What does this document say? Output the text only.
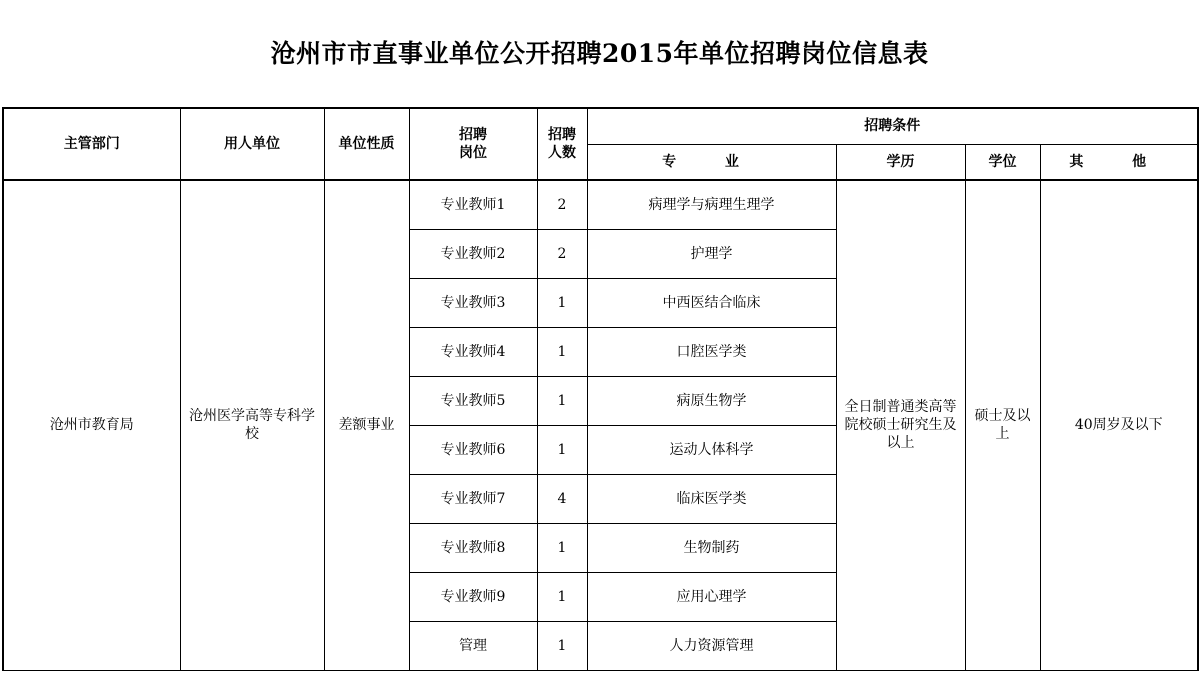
沧州市市直事业单位公开招聘2015年单位招聘岗位信息表
主管部门	用人单位	单位性质	招聘岗位	招聘人数	招聘条件			
					专 业	学历	学位	其 他
沧州市教育局	沧州医学高等专科学校	差额事业	专业教师1	2	病理学与病理生理学	全日制普通类高等院校硕士研究生及以上	硕士及以上	40周岁及以下
			专业教师2	2	护理学			
			专业教师3	1	中西医结合临床			
			专业教师4	1	口腔医学类			
			专业教师5	1	病原生物学			
			专业教师6	1	运动人体科学			
			专业教师7	4	临床医学类			
			专业教师8	1	生物制药			
			专业教师9	1	应用心理学			
			管理	1	人力资源管理			
